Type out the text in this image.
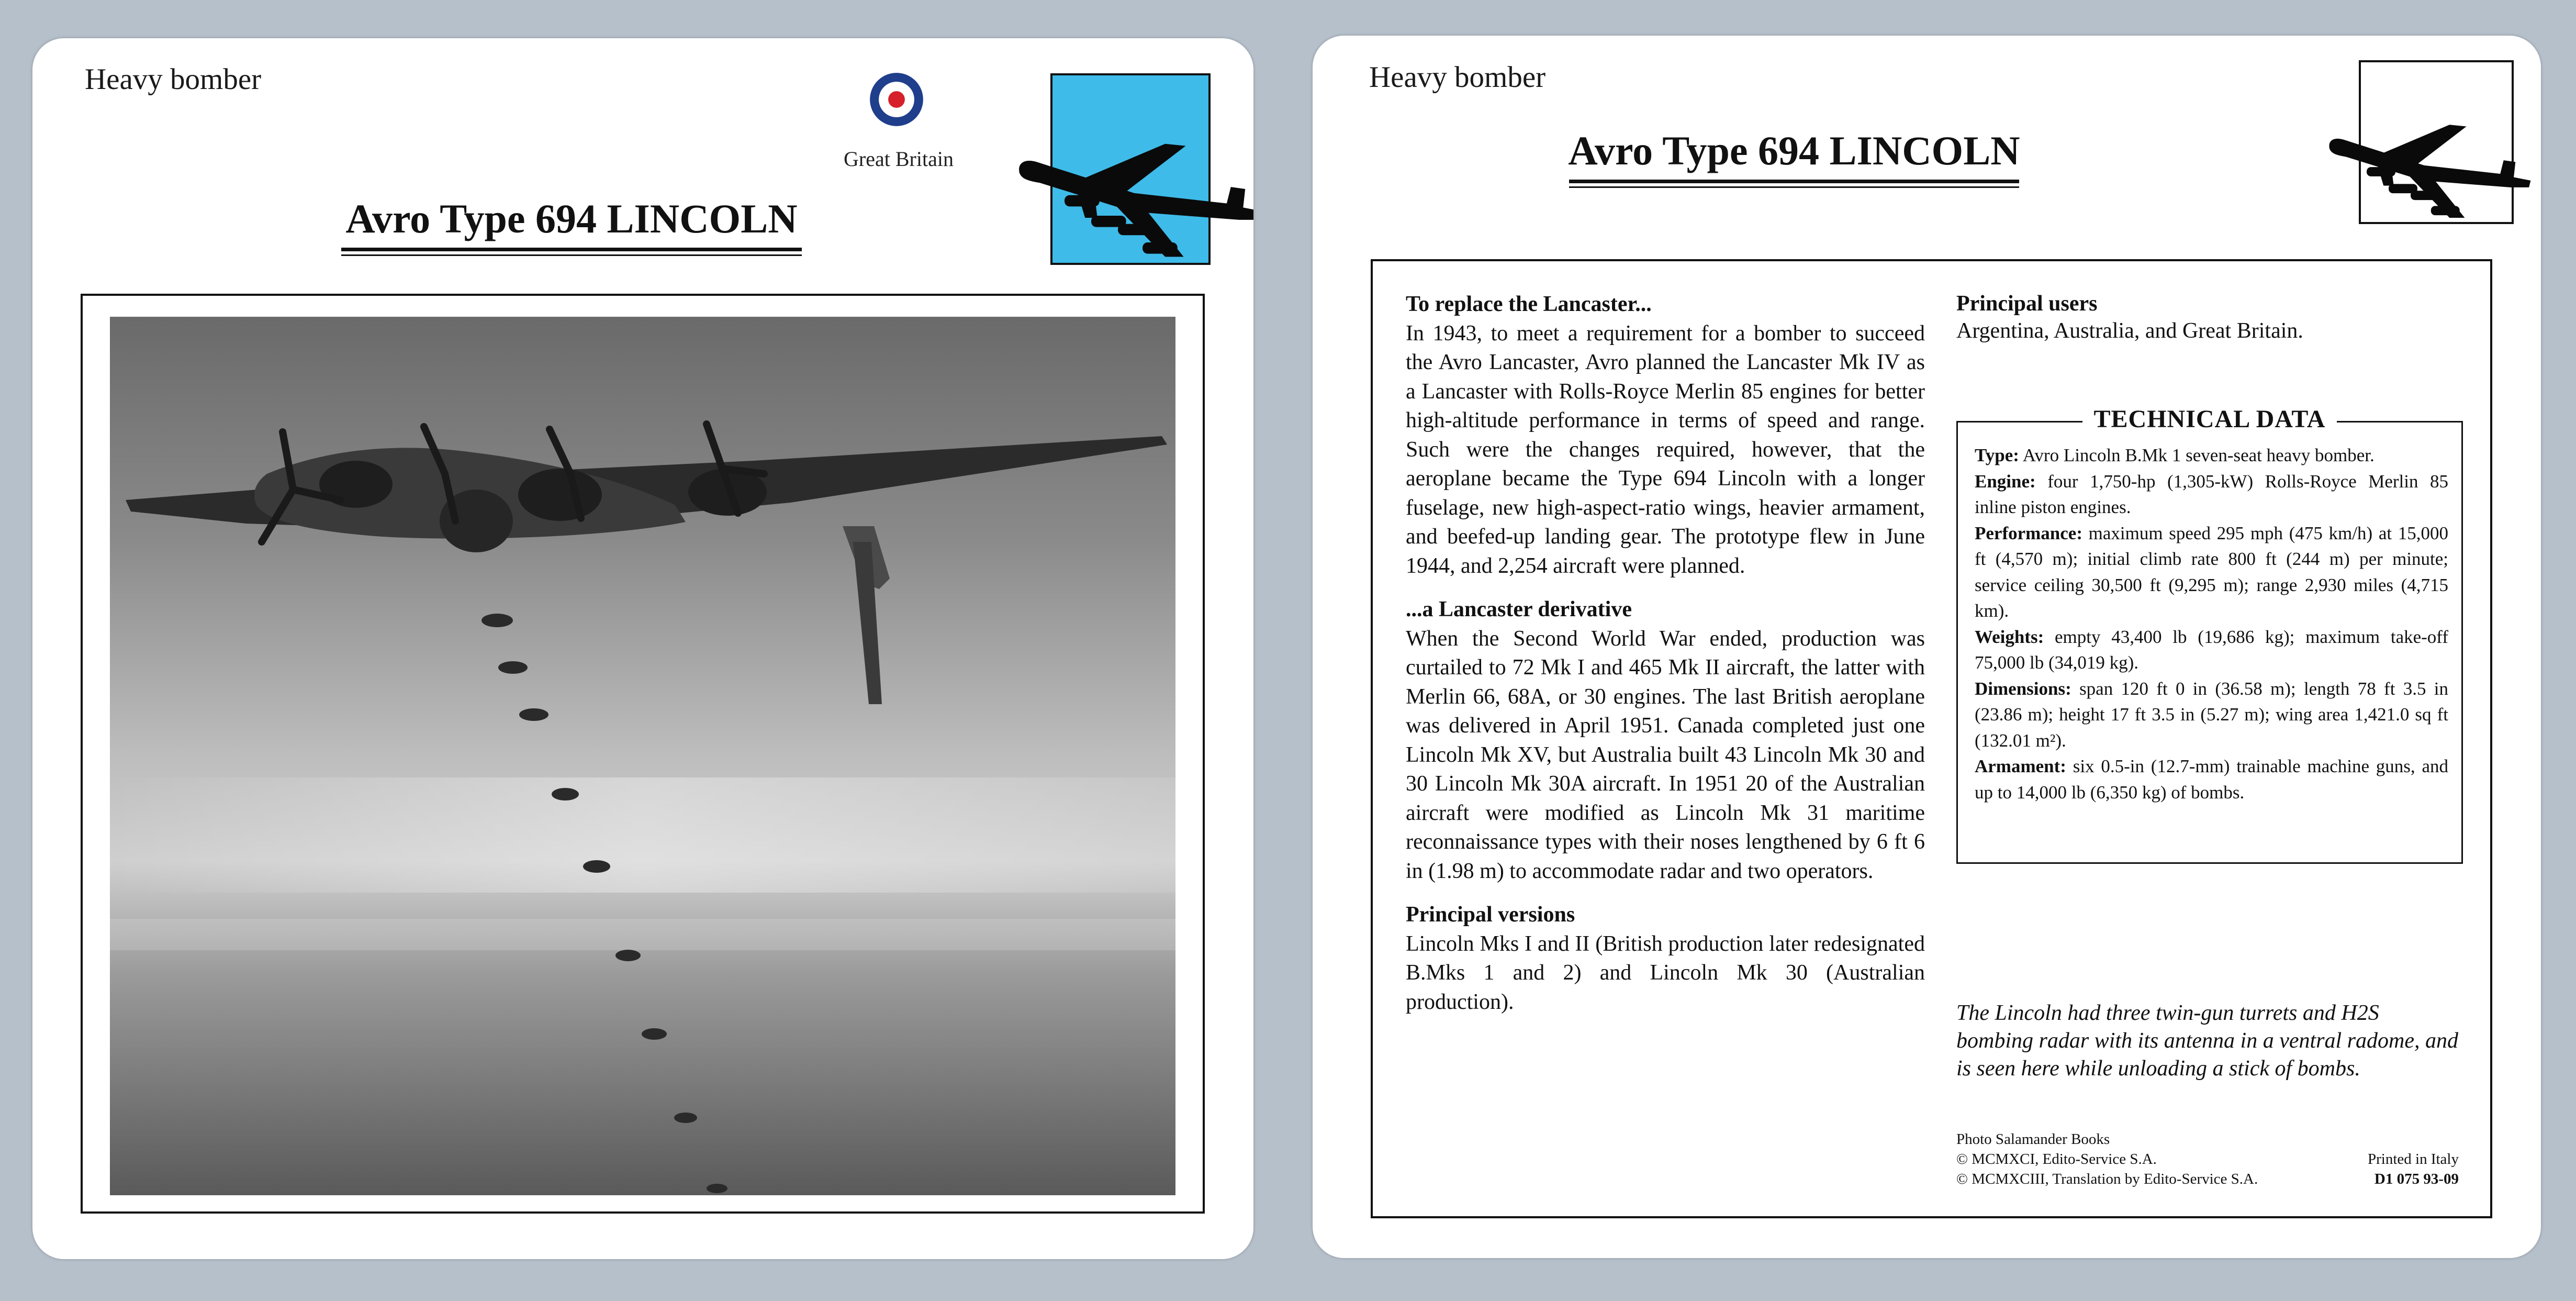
Heavy bomber
Great Britain
Avro Type 694 LINCOLN
Heavy bomber
Avro Type 694 LINCOLN

To replace the Lancaster...
In 1943, to meet a requirement for a bomber to succeed the Avro Lancaster, Avro planned the Lancaster Mk IV as a Lancaster with Rolls-Royce Merlin 85 engines for better high-altitude performance in terms of speed and range. Such were the changes required, however, that the aeroplane became the Type 694 Lincoln with a longer fuselage, new high-aspect-ratio wings, heavier armament, and beefed-up landing gear. The prototype flew in June 1944, and 2,254 aircraft were planned.

...a Lancaster derivative
When the Second World War ended, production was curtailed to 72 Mk I and 465 Mk II aircraft, the latter with Merlin 66, 68A, or 30 engines. The last British aeroplane was delivered in April 1951. Canada completed just one Lincoln Mk XV, but Australia built 43 Lincoln Mk 30 and 30 Lincoln Mk 30A aircraft. In 1951 20 of the Australian aircraft were modified as Lincoln Mk 31 maritime reconnaissance types with their noses lengthened by 6 ft 6 in (1.98 m) to accommodate radar and two operators.

Principal versions
Lincoln Mks I and II (British production later redesignated B.Mks 1 and 2) and Lincoln Mk 30 (Australian production).

Principal users
Argentina, Australia, and Great Britain.
TECHNICAL DATA

Type: Avro Lincoln B.Mk 1 seven-seat heavy bomber.

Engine: four 1,750-hp (1,305-kW) Rolls-Royce Merlin 85 inline piston engines.

Performance: maximum speed 295 mph (475 km/h) at 15,000 ft (4,570 m); initial climb rate 800 ft (244 m) per minute; service ceiling 30,500 ft (9,295 m); range 2,930 miles (4,715 km).

Weights: empty 43,400 lb (19,686 kg); maximum take-off 75,000 lb (34,019 kg).

Dimensions: span 120 ft 0 in (36.58 m); length 78 ft 3.5 in (23.86 m); height 17 ft 3.5 in (5.27 m); wing area 1,421.0 sq ft (132.01 m²).

Armament: six 0.5-in (12.7-mm) trainable machine guns, and up to 14,000 lb (6,350 kg) of bombs.

The Lincoln had three twin-gun turrets and H2S bombing radar with its antenna in a ventral radome, and is seen here while unloading a stick of bombs.
Photo Salamander Books
© MCMXCI, Edito-Service S.A.
© MCMXCIII, Translation by Edito-Service S.A.
Printed in Italy
D1 075 93-09
